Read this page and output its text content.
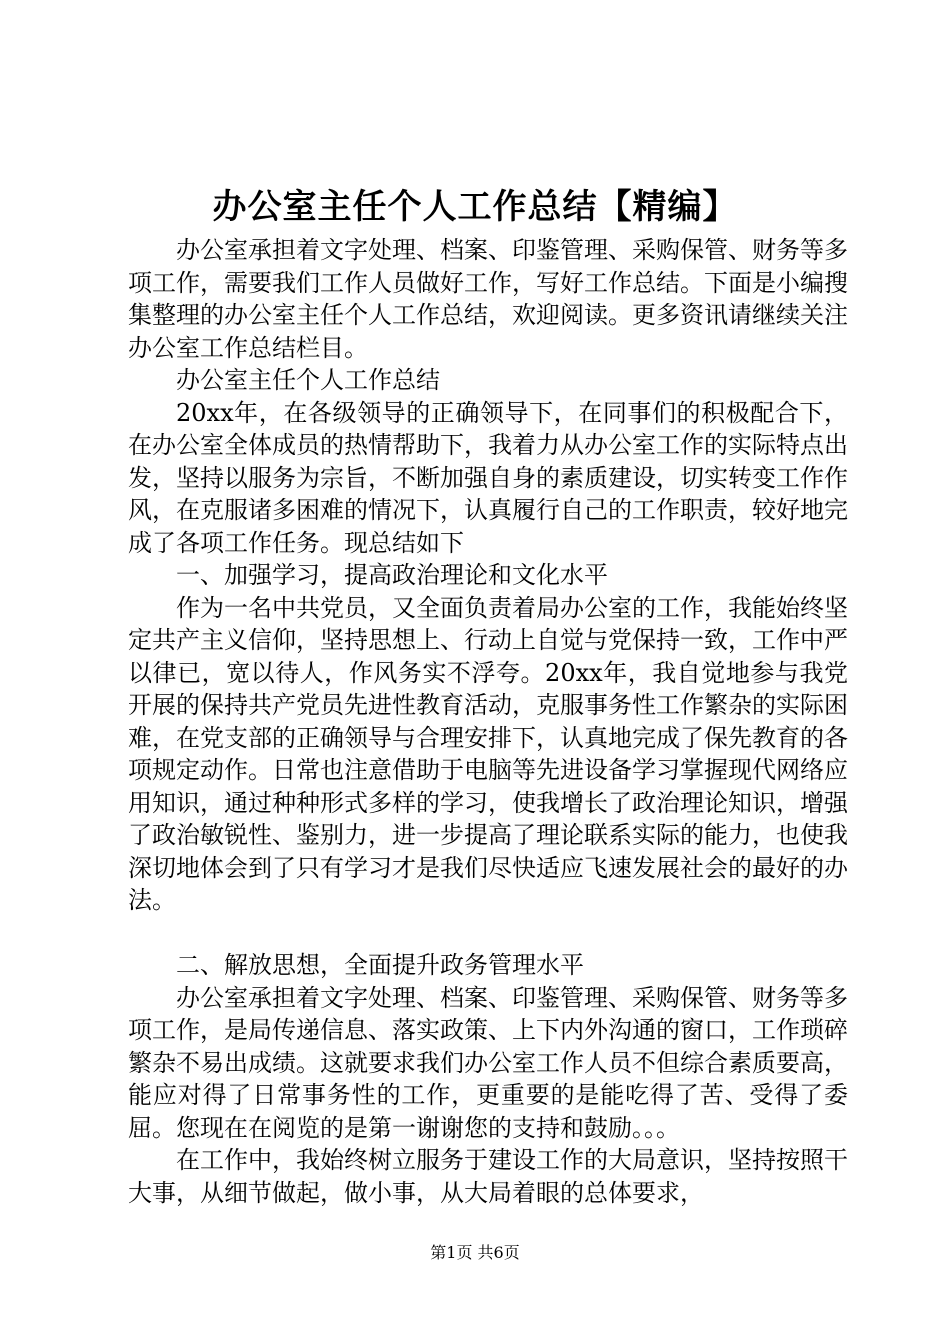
办公室主任个人工作总结【精编】

办公室承担着文字处理、档案、印鉴管理、采购保管、财务等多项工作，需要我们工作人员做好工作，写好工作总结。下面是小编搜集整理的办公室主任个人工作总结，欢迎阅读。更多资讯请继续关注办公室工作总结栏目。

办公室主任个人工作总结

20xx年，在各级领导的正确领导下，在同事们的积极配合下，在办公室全体成员的热情帮助下，我着力从办公室工作的实际特点出发，坚持以服务为宗旨，不断加强自身的素质建设，切实转变工作作风，在克服诸多困难的情况下，认真履行自己的工作职责，较好地完成了各项工作任务。现总结如下

一、加强学习，提高政治理论和文化水平

作为一名中共党员，又全面负责着局办公室的工作，我能始终坚定共产主义信仰，坚持思想上、行动上自觉与党保持一致，工作中严以律已，宽以待人，作风务实不浮夸。20xx年，我自觉地参与我党开展的保持共产党员先进性教育活动，克服事务性工作繁杂的实际困难，在党支部的正确领导与合理安排下，认真地完成了保先教育的各项规定动作。日常也注意借助于电脑等先进设备学习掌握现代网络应用知识，通过种种形式多样的学习，使我增长了政治理论知识，增强了政治敏锐性、鉴别力，进一步提高了理论联系实际的能力，也使我深切地体会到了只有学习才是我们尽快适应飞速发展社会的最好的办法。

二、解放思想，全面提升政务管理水平

办公室承担着文字处理、档案、印鉴管理、采购保管、财务等多项工作，是局传递信息、落实政策、上下内外沟通的窗口，工作琐碎繁杂不易出成绩。这就要求我们办公室工作人员不但综合素质要高，能应对得了日常事务性的工作，更重要的是能吃得了苦、受得了委屈。您现在在阅览的是第一谢谢您的支持和鼓励。。。

在工作中，我始终树立服务于建设工作的大局意识，坚持按照干大事，从细节做起，做小事，从大局着眼的总体要求，

第1页 共6页
